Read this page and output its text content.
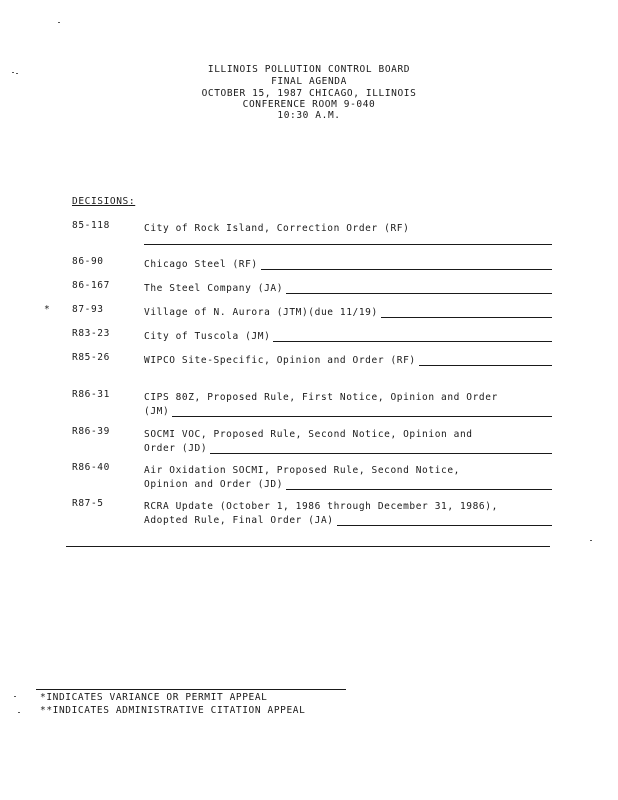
ILLINOIS POLLUTION CONTROL BOARD
FINAL AGENDA
OCTOBER 15, 1987 CHICAGO, ILLINOIS
CONFERENCE ROOM 9-040
10:30 A.M.
DECISIONS:
85-118	City of Rock Island, Correction Order (RF)
86-90	Chicago Steel (RF)
86-167	The Steel Company (JA)
* 87-93	Village of N. Aurora (JTM)(due 11/19)
R83-23	City of Tuscola (JM)
R85-26	WIPCO Site-Specific, Opinion and Order (RF)
R86-31	CIPS 80Z, Proposed Rule, First Notice, Opinion and Order
(JM)
R86-39	SOCMI VOC, Proposed Rule, Second Notice, Opinion and
Order (JD)
R86-40	Air Oxidation SOCMI, Proposed Rule, Second Notice,
Opinion and Order (JD)
R87-5	RCRA Update (October 1, 1986 through December 31, 1986),
Adopted Rule, Final Order (JA)
*INDICATES VARIANCE OR PERMIT APPEAL
**INDICATES ADMINISTRATIVE CITATION APPEAL
